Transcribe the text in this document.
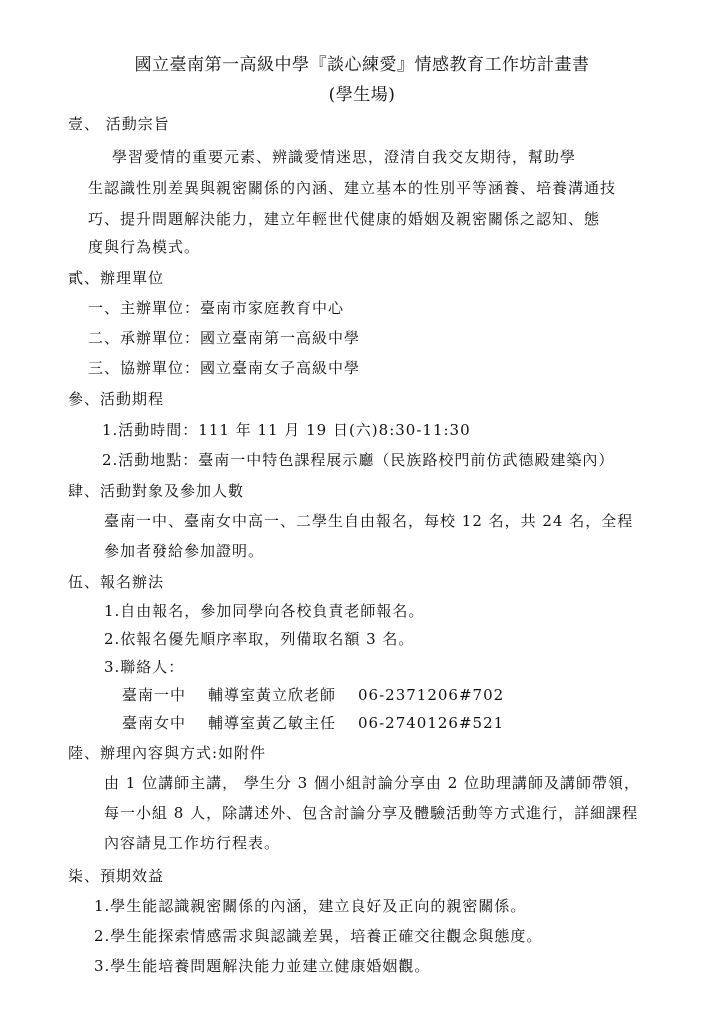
國立臺南第一高級中學『談心練愛』情感教育工作坊計畫書
(學生場)
壹、 活動宗旨
學習愛情的重要元素、辨識愛情迷思，澄清自我交友期待，幫助學
生認識性別差異與親密關係的內涵、建立基本的性別平等涵養、培養溝通技
巧、提升問題解決能力，建立年輕世代健康的婚姻及親密關係之認知、態
度與行為模式。
貳、辦理單位
一、主辦單位：臺南市家庭教育中心
二、承辦單位：國立臺南第一高級中學
三、協辦單位：國立臺南女子高級中學
參、活動期程
1.活動時間：111 年 11 月 19 日(六)8:30-11:30
2.活動地點：臺南一中特色課程展示廳（民族路校門前仿武德殿建築內）
肆、活動對象及參加人數
臺南一中、臺南女中高一、二學生自由報名，每校 12 名，共 24 名，全程
參加者發給參加證明。
伍、報名辦法
1.自由報名，參加同學向各校負責老師報名。
2.依報名優先順序率取，列備取名額 3 名。
3.聯絡人：
臺南一中 輔導室黃立欣老師 06-2371206#702
臺南女中 輔導室黃乙敏主任 06-2740126#521
陸、辦理內容與方式:如附件
由 1 位講師主講， 學生分 3 個小組討論分享由 2 位助理講師及講師帶領，
每一小組 8 人，除講述外、包含討論分享及體驗活動等方式進行，詳細課程
內容請見工作坊行程表。
柒、預期效益
1.學生能認識親密關係的內涵，建立良好及正向的親密關係。
2.學生能探索情感需求與認識差異，培養正確交往觀念與態度。
3.學生能培養問題解決能力並建立健康婚姻觀。
